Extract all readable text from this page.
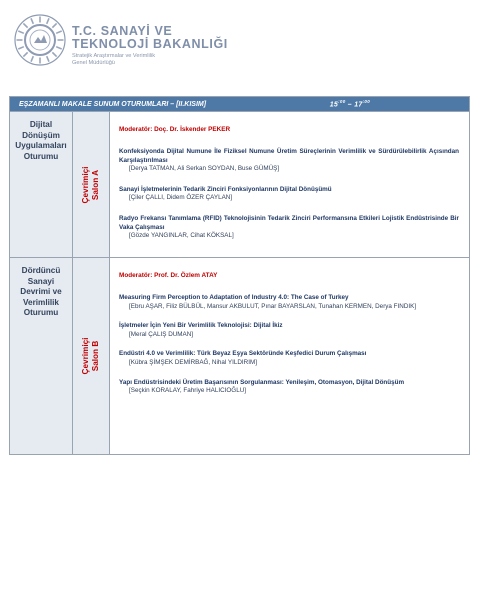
T.C. SANAYİ VE
TEKNOLOJİ BAKANLIĞI
Stratejik Araştırmalar ve Verimlilik
Genel Müdürlüğü
EŞZAMANLI MAKALE SUNUM OTURUMLARI – [II.KISIM]	$15^{:00} - 17^{:00}$
Dijital
Dönüşüm
Uygulamaları
Oturumu
Çevrimiçi Salon A
Moderatör: Doç. Dr. İskender PEKER
Konfeksiyonda Dijital Numune İle Fiziksel Numune Üretim Süreçlerinin Verimlilik ve Sürdürülebilirlik Açısından Karşılaştırılması
[Derya TATMAN, Ali Serkan SOYDAN, Buse GÜMÜŞ]
Sanayi İşletmelerinin Tedarik Zinciri Fonksiyonlarının Dijital Dönüşümü
[Çiler ÇALLI, Didem ÖZER ÇAYLAN]
Radyo Frekansı Tanımlama (RFID) Teknolojisinin Tedarik Zinciri Performansına Etkileri Lojistik Endüstrisinde Bir Vaka Çalışması
[Gözde YANGINLAR, Cihat KÖKSAL]
Dördüncü
Sanayi
Devrimi ve
Verimlilik
Oturumu
Çevrimiçi Salon B
Moderatör: Prof. Dr. Özlem ATAY
Measuring Firm Perception to Adaptation of Industry 4.0: The Case of Turkey
[Ebru AŞAR, Filiz BÜLBÜL, Mansur AKBULUT, Pınar BAYARSLAN, Tunahan KERMEN, Derya FINDIK]
İşletmeler İçin Yeni Bir Verimlilik Teknolojisi: Dijital İkiz
[Meral ÇALIŞ DUMAN]
Endüstri 4.0 ve Verimlilik: Türk Beyaz Eşya Sektöründe Keşfedici Durum Çalışması
[Kübra ŞİMŞEK DEMİRBAĞ, Nihal YILDIRIM]
Yapı Endüstrisindeki Üretim Başarısının Sorgulanması: Yenileşim, Otomasyon, Dijital Dönüşüm
[Seçkin KORALAY, Fahriye HALICIOĞLU]
